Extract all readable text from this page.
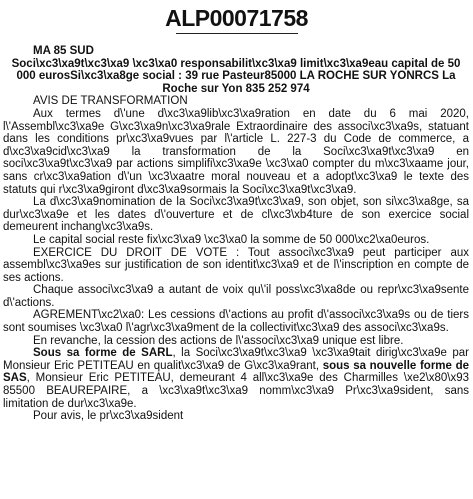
ALP00071758

MA 85 SUD

Soci\xc3\xa9t\xc3\xa9 \xc3\xa0 responsabilit\xc3\xa9 limit\xc3\xa9eau capital de 50 000 eurosSi\xc3\xa8ge social : 39 rue Pasteur85000 LA ROCHE SUR YONRCS La Roche sur Yon 835 252 974

AVIS DE TRANSFORMATION

Aux termes d\'une d\xc3\xa9lib\xc3\xa9ration en date du 6 mai 2020, l\'Assembl\xc3\xa9e G\xc3\xa9n\xc3\xa9rale Extraordinaire des associ\xc3\xa9s, statuant dans les conditions pr\xc3\xa9vues par l\'article L. 227-3 du Code de commerce, a d\xc3\xa9cid\xc3\xa9 la transformation de la Soci\xc3\xa9t\xc3\xa9 en soci\xc3\xa9t\xc3\xa9 par actions simplifi\xc3\xa9e \xc3\xa0 compter du m\xc3\xaame jour, sans cr\xc3\xa9ation d\'un \xc3\xaatre moral nouveau et a adopt\xc3\xa9 le texte des statuts qui r\xc3\xa9giront d\xc3\xa9sormais la Soci\xc3\xa9t\xc3\xa9.

La d\xc3\xa9nomination de la Soci\xc3\xa9t\xc3\xa9, son objet, son si\xc3\xa8ge, sa dur\xc3\xa9e et les dates d\'ouverture et de cl\xc3\xb4ture de son exercice social demeurent inchang\xc3\xa9s.

Le capital social reste fix\xc3\xa9 \xc3\xa0 la somme de 50 000\xc2\xa0euros.

EXERCICE DU DROIT DE VOTE : Tout associ\xc3\xa9 peut participer aux assembl\xc3\xa9es sur justification de son identit\xc3\xa9 et de l\'inscription en compte de ses actions.

Chaque associ\xc3\xa9 a autant de voix qu\'il poss\xc3\xa8de ou repr\xc3\xa9sente d\'actions.

AGREMENT\xc2\xa0: Les cessions d\'actions au profit d\'associ\xc3\xa9s ou de tiers sont soumises \xc3\xa0 l\'agr\xc3\xa9ment de la collectivit\xc3\xa9 des associ\xc3\xa9s.

En revanche, la cession des actions de l\'associ\xc3\xa9 unique est libre.

Sous sa forme de SARL, la Soci\xc3\xa9t\xc3\xa9 \xc3\xa9tait dirig\xc3\xa9e par Monsieur Eric PETITEAU en qualit\xc3\xa9 de G\xc3\xa9rant, sous sa nouvelle forme de SAS, Monsieur Eric PETITEAU, demeurant 4 all\xc3\xa9e des Charmilles \xe2\x80\x93 85500 BEAUREPAIRE, a \xc3\xa9t\xc3\xa9 nomm\xc3\xa9 Pr\xc3\xa9sident, sans limitation de dur\xc3\xa9e.

Pour avis, le pr\xc3\xa9sident
